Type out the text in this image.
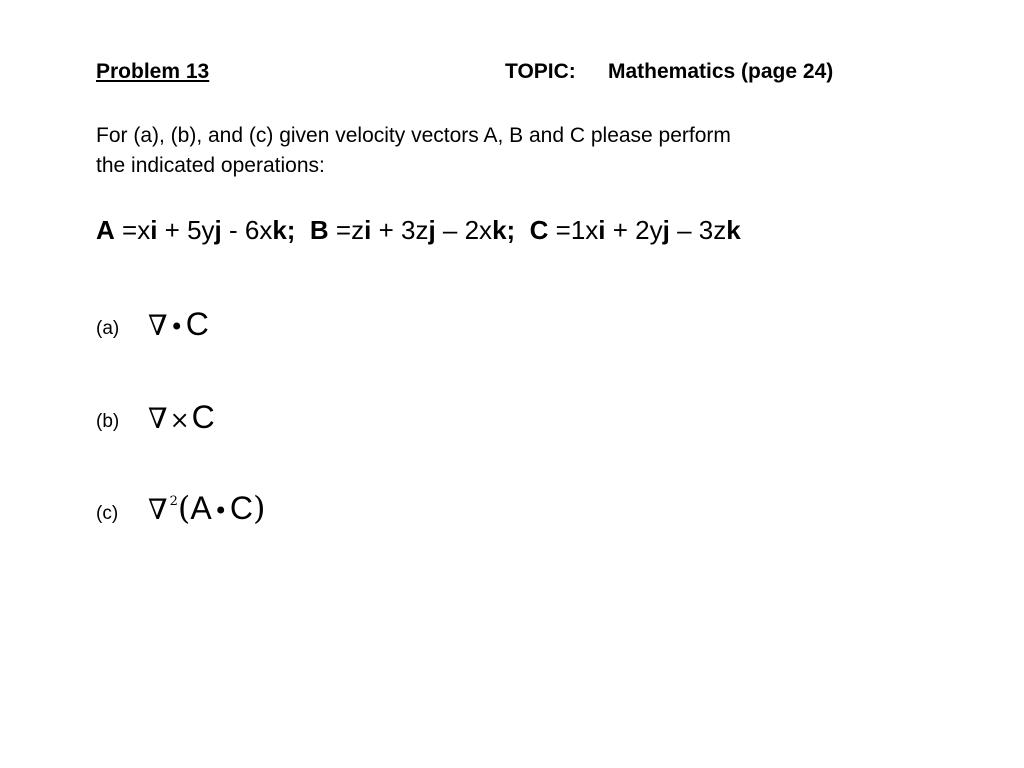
Problem 13	TOPIC: Mathematics (page 24)
For (a), (b), and (c) given velocity vectors A, B and C please perform
the indicated operations:
A =xi + 5yj - 6xk; B =zi + 3zj – 2xk; C =1xi + 2yj – 3zk
(a) ∇•C
(b) ∇×C
(c) ∇ $^2$(A•C)
